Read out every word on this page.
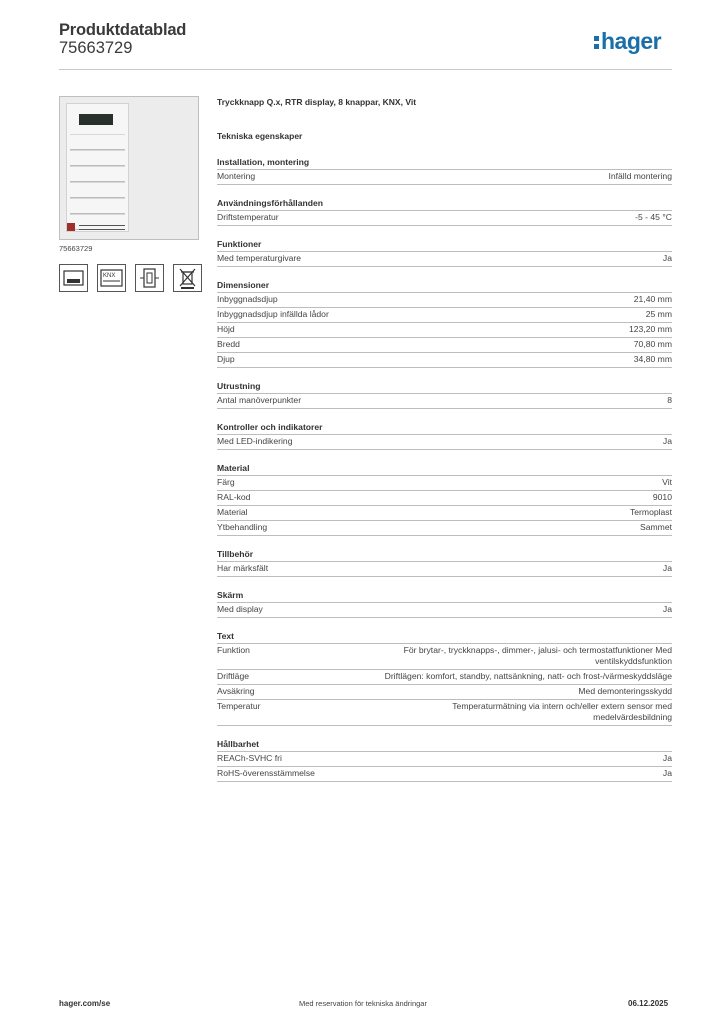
Produktdatablad
75663729	hager
75663729
KNX
Tryckknapp Q.x, RTR display, 8 knappar, KNX, Vit
Tekniska egenskaper
Installation, montering
Montering	Infälld montering
Användningsförhållanden
Driftstemperatur	-5 - 45 °C
Funktioner
Med temperaturgivare	Ja
Dimensioner
Inbyggnadsdjup	21,40 mm
Inbyggnadsdjup infällda lådor	25 mm
Höjd	123,20 mm
Bredd	70,80 mm
Djup	34,80 mm
Utrustning
Antal manöverpunkter	8
Kontroller och indikatorer
Med LED-indikering	Ja
Material
Färg	Vit
RAL-kod	9010
Material	Termoplast
Ytbehandling	Sammet
Tillbehör
Har märksfält	Ja
Skärm
Med display	Ja
Text
Funktion	För brytar-, tryckknapps-, dimmer-, jalusi- och termostatfunktioner Med ventilskyddsfunktion
Driftläge	Driftlägen: komfort, standby, nattsänkning, natt- och frost-/värmeskyddsläge
Avsäkring	Med demonteringsskydd
Temperatur	Temperaturmätning via intern och/eller extern sensor med medelvärdesbildning
Hållbarhet
REACh-SVHC fri	Ja
RoHS-överensstämmelse	Ja
hager.com/se	Med reservation för tekniska ändringar	06.12.2025
